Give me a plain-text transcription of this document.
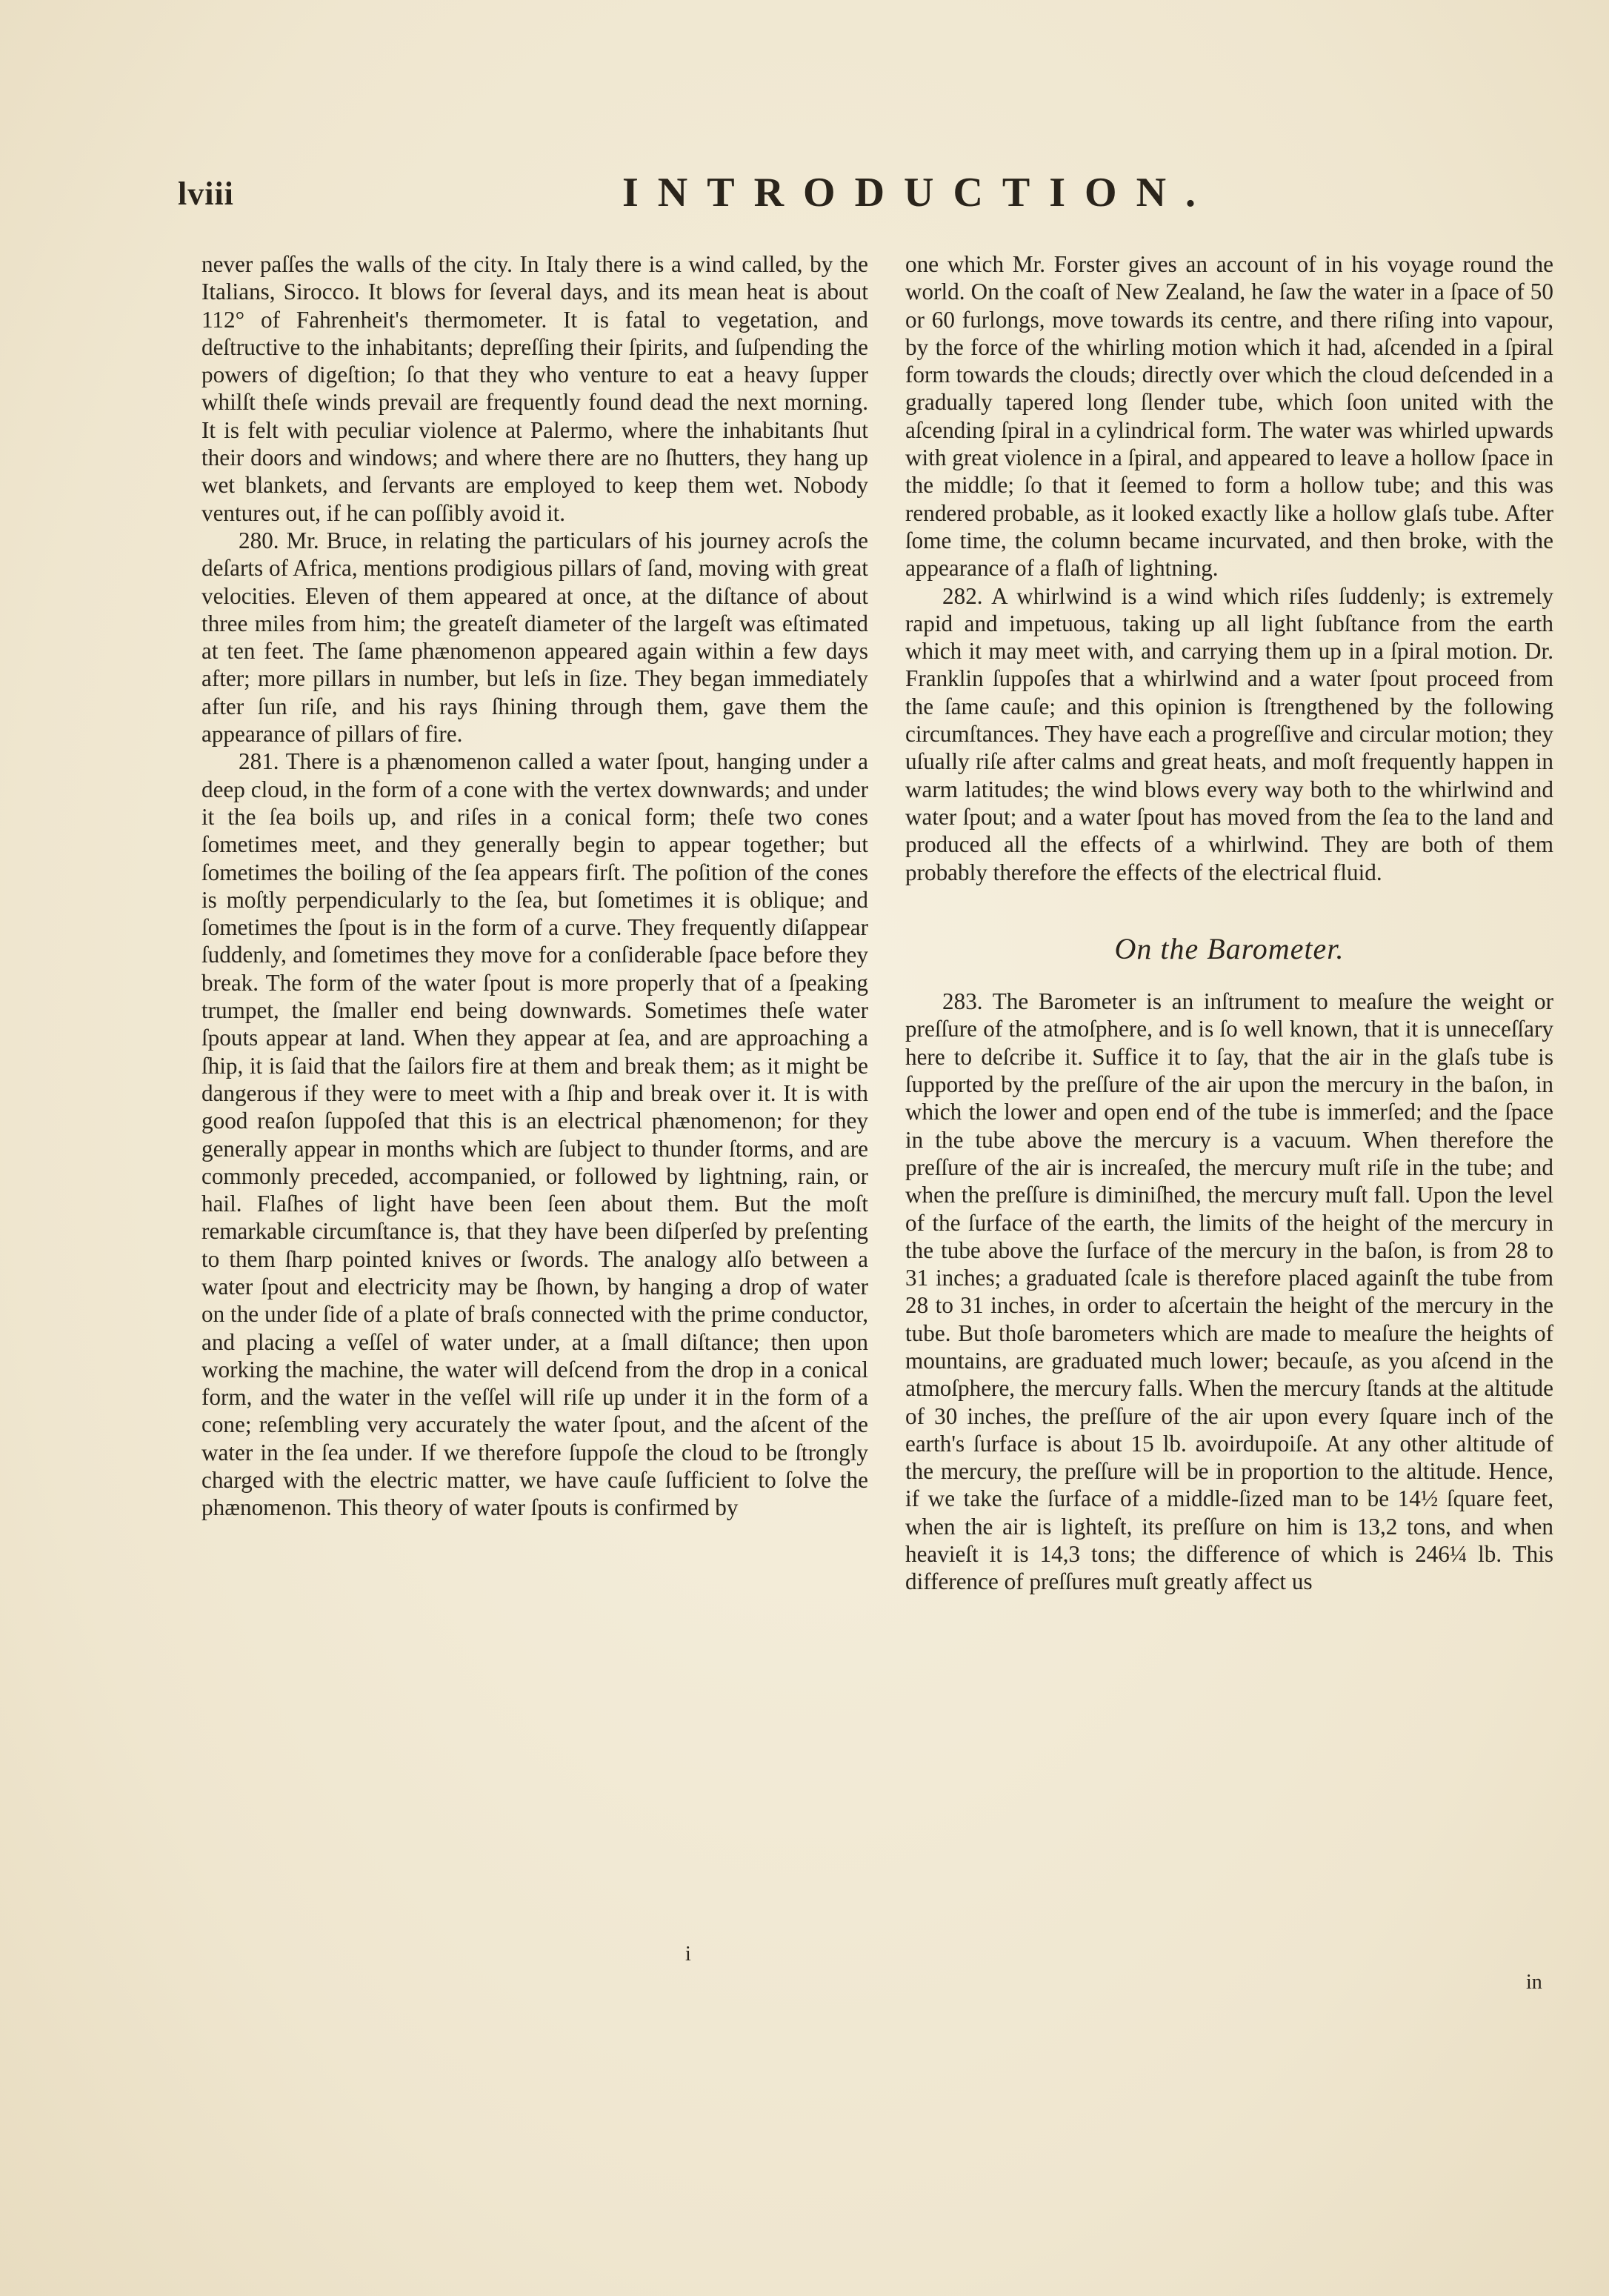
lviii	INTRODUCTION.

never paſſes the walls of the city. In Italy there is a wind called, by the Italians, Sirocco. It blows for ſeveral days, and its mean heat is about 112° of Fahrenheit's thermometer. It is fatal to vegetation, and deſtructive to the inhabitants; depreſſing their ſpirits, and ſuſpending the powers of digeſtion; ſo that they who venture to eat a heavy ſupper whilſt theſe winds prevail are frequently found dead the next morning. It is felt with peculiar violence at Palermo, where the inhabitants ſhut their doors and windows; and where there are no ſhutters, they hang up wet blankets, and ſervants are employed to keep them wet. Nobody ventures out, if he can poſſibly avoid it.

280. Mr. Bruce, in relating the particulars of his journey acroſs the deſarts of Africa, mentions prodigious pillars of ſand, moving with great velocities. Eleven of them appeared at once, at the diſtance of about three miles from him; the greateſt diameter of the largeſt was eſtimated at ten feet. The ſame phænomenon appeared again within a few days after; more pillars in number, but leſs in ſize. They began immediately after ſun riſe, and his rays ſhining through them, gave them the appearance of pillars of fire.

281. There is a phænomenon called a water ſpout, hanging under a deep cloud, in the form of a cone with the vertex downwards; and under it the ſea boils up, and riſes in a conical form; theſe two cones ſometimes meet, and they generally begin to appear together; but ſometimes the boiling of the ſea appears firſt. The poſition of the cones is moſtly perpendicularly to the ſea, but ſometimes it is oblique; and ſometimes the ſpout is in the form of a curve. They frequently diſappear ſuddenly, and ſometimes they move for a conſiderable ſpace before they break. The form of the water ſpout is more properly that of a ſpeaking trumpet, the ſmaller end being downwards. Sometimes theſe water ſpouts appear at land. When they appear at ſea, and are approaching a ſhip, it is ſaid that the ſailors fire at them and break them; as it might be dangerous if they were to meet with a ſhip and break over it. It is with good reaſon ſuppoſed that this is an electrical phænomenon; for they generally appear in months which are ſubject to thunder ſtorms, and are commonly preceded, accompanied, or followed by lightning, rain, or hail. Flaſhes of light have been ſeen about them. But the moſt remarkable circumſtance is, that they have been diſperſed by preſenting to them ſharp pointed knives or ſwords. The analogy alſo between a water ſpout and electricity may be ſhown, by hanging a drop of water on the under ſide of a plate of braſs connected with the prime conductor, and placing a veſſel of water under, at a ſmall diſtance; then upon working the machine, the water will deſcend from the drop in a conical form, and the water in the veſſel will riſe up under it in the form of a cone; reſembling very accurately the water ſpout, and the aſcent of the water in the ſea under. If we therefore ſuppoſe the cloud to be ſtrongly charged with the electric matter, we have cauſe ſufficient to ſolve the phænomenon. This theory of water ſpouts is confirmed by

one which Mr. Forster gives an account of in his voyage round the world. On the coaſt of New Zealand, he ſaw the water in a ſpace of 50 or 60 furlongs, move towards its centre, and there riſing into vapour, by the force of the whirling motion which it had, aſcended in a ſpiral form towards the clouds; directly over which the cloud deſcended in a gradually tapered long ſlender tube, which ſoon united with the aſcending ſpiral in a cylindrical form. The water was whirled upwards with great violence in a ſpiral, and appeared to leave a hollow ſpace in the middle; ſo that it ſeemed to form a hollow tube; and this was rendered probable, as it looked exactly like a hollow glaſs tube. After ſome time, the column became incurvated, and then broke, with the appearance of a flaſh of lightning.

282. A whirlwind is a wind which riſes ſuddenly; is extremely rapid and impetuous, taking up all light ſubſtance from the earth which it may meet with, and carrying them up in a ſpiral motion. Dr. Franklin ſuppoſes that a whirlwind and a water ſpout proceed from the ſame cauſe; and this opinion is ſtrengthened by the following circumſtances. They have each a progreſſive and circular motion; they uſually riſe after calms and great heats, and moſt frequently happen in warm latitudes; the wind blows every way both to the whirlwind and water ſpout; and a water ſpout has moved from the ſea to the land and produced all the effects of a whirlwind. They are both of them probably therefore the effects of the electrical fluid.

On the Barometer.

283. The Barometer is an inſtrument to meaſure the weight or preſſure of the atmoſphere, and is ſo well known, that it is unneceſſary here to deſcribe it. Suffice it to ſay, that the air in the glaſs tube is ſupported by the preſſure of the air upon the mercury in the baſon, in which the lower and open end of the tube is immerſed; and the ſpace in the tube above the mercury is a vacuum. When therefore the preſſure of the air is increaſed, the mercury muſt riſe in the tube; and when the preſſure is diminiſhed, the mercury muſt fall. Upon the level of the ſurface of the earth, the limits of the height of the mercury in the tube above the ſurface of the mercury in the baſon, is from 28 to 31 inches; a graduated ſcale is therefore placed againſt the tube from 28 to 31 inches, in order to aſcertain the height of the mercury in the tube. But thoſe barometers which are made to meaſure the heights of mountains, are graduated much lower; becauſe, as you aſcend in the atmoſphere, the mercury falls. When the mercury ſtands at the altitude of 30 inches, the preſſure of the air upon every ſquare inch of the earth's ſurface is about 15 lb. avoirdupoiſe. At any other altitude of the mercury, the preſſure will be in proportion to the altitude. Hence, if we take the ſurface of a middle-ſized man to be 14½ ſquare feet, when the air is lighteſt, its preſſure on him is 13,2 tons, and when heavieſt it is 14,3 tons; the difference of which is 246¼ lb. This difference of preſſures muſt greatly affect us

i
in
